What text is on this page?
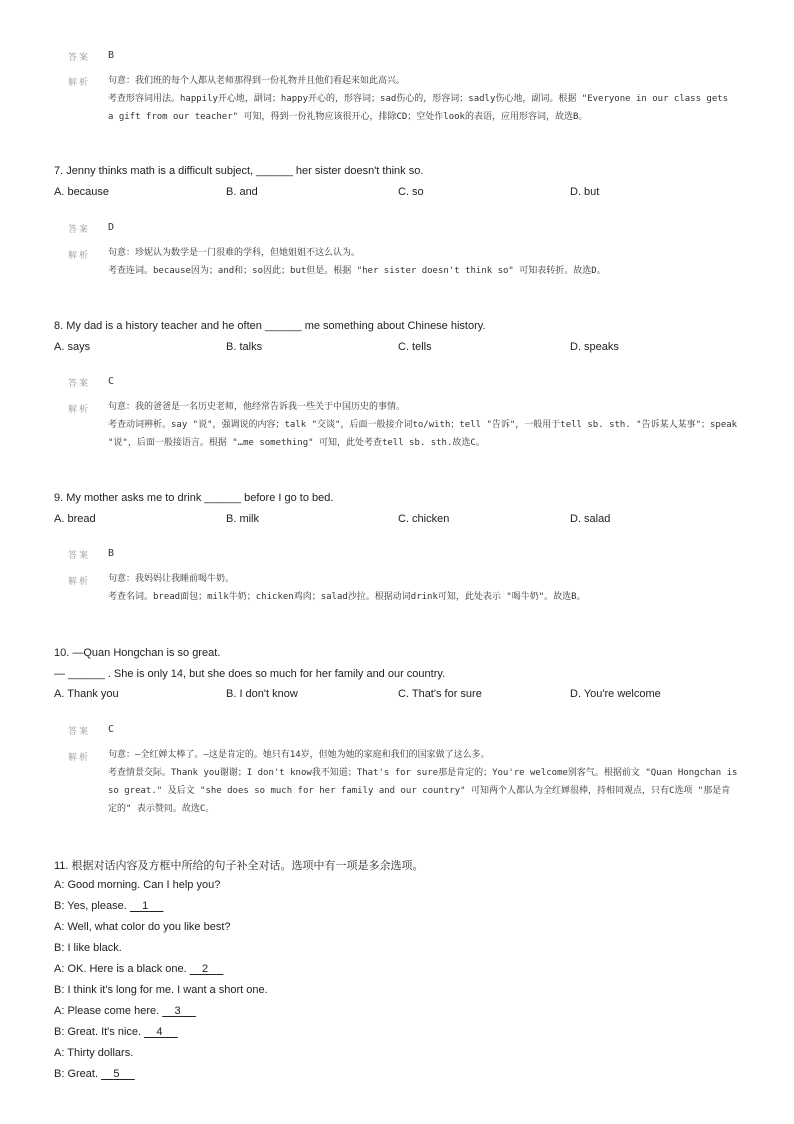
答案 B
解析 句意：我们班的每个人都从老师那得到一份礼物并且他们看起来如此高兴。
考查形容词用法。happily开心地，副词；happy开心的，形容词；sad伤心的，形容词；sadly伤心地，副词。根据 "Everyone in our class gets a gift from our teacher" 可知，得到一份礼物应该很开心，排除CD；空处作look的表语，应用形容词，故选B。
7. Jenny thinks math is a difficult subject, ______ her sister doesn't think so.
A. because	B. and	C. so	D. but
答案 D
解析 句意：珍妮认为数学是一门很难的学科，但她姐姐不这么认为。
考查连词。because因为；and和；so因此；but但是。根据 "her sister doesn't think so" 可知表转折。故选D。
8. My dad is a history teacher and he often ______ me something about Chinese history.
A. says	B. talks	C. tells	D. speaks
答案 C
解析 句意：我的爸爸是一名历史老师，他经常告诉我一些关于中国历史的事情。
考查动词辨析。say "说"，强调说的内容；talk "交谈"，后面一般接介词to/with；tell "告诉"，一般用于tell sb. sth. "告诉某人某事"；speak "说"，后面一般接语言。根据 "…me something" 可知，此处考查tell sb. sth.故选C。
9. My mother asks me to drink ______ before I go to bed.
A. bread	B. milk	C. chicken	D. salad
答案 B
解析 句意：我妈妈让我睡前喝牛奶。
考查名词。bread面包；milk牛奶；chicken鸡肉；salad沙拉。根据动词drink可知，此处表示 "喝牛奶"。故选B。
10. —Quan Hongchan is so great.
— ______ . She is only 14, but she does so much for her family and our country.
A. Thank you	B. I don't know	C. That's for sure	D. You're welcome
答案 C
解析 句意：—全红婵太棒了。—这是肯定的。她只有14岁，但她为她的家庭和我们的国家做了这么多。
考查情景交际。Thank you谢谢；I don't know我不知道；That's for sure那是肯定的；You're welcome别客气。根据前文 "Quan Hongchan is so great." 及后文 "she does so much for her family and our country" 可知两个人都认为全红婵很棒，持相同观点，只有C选项 "那是肯定的" 表示赞同。故选C。
11. 根据对话内容及方框中所给的句子补全对话。选项中有一项是多余选项。
A: Good morning. Can I help you?
B: Yes, please.     1
A: Well, what color do you like best?
B: I like black.
A: OK. Here is a black one.     2
B: I think it's long for me. I want a short one.
A: Please come here.     3
B: Great. It's nice.     4
A: Thirty dollars.
B: Great.     5
